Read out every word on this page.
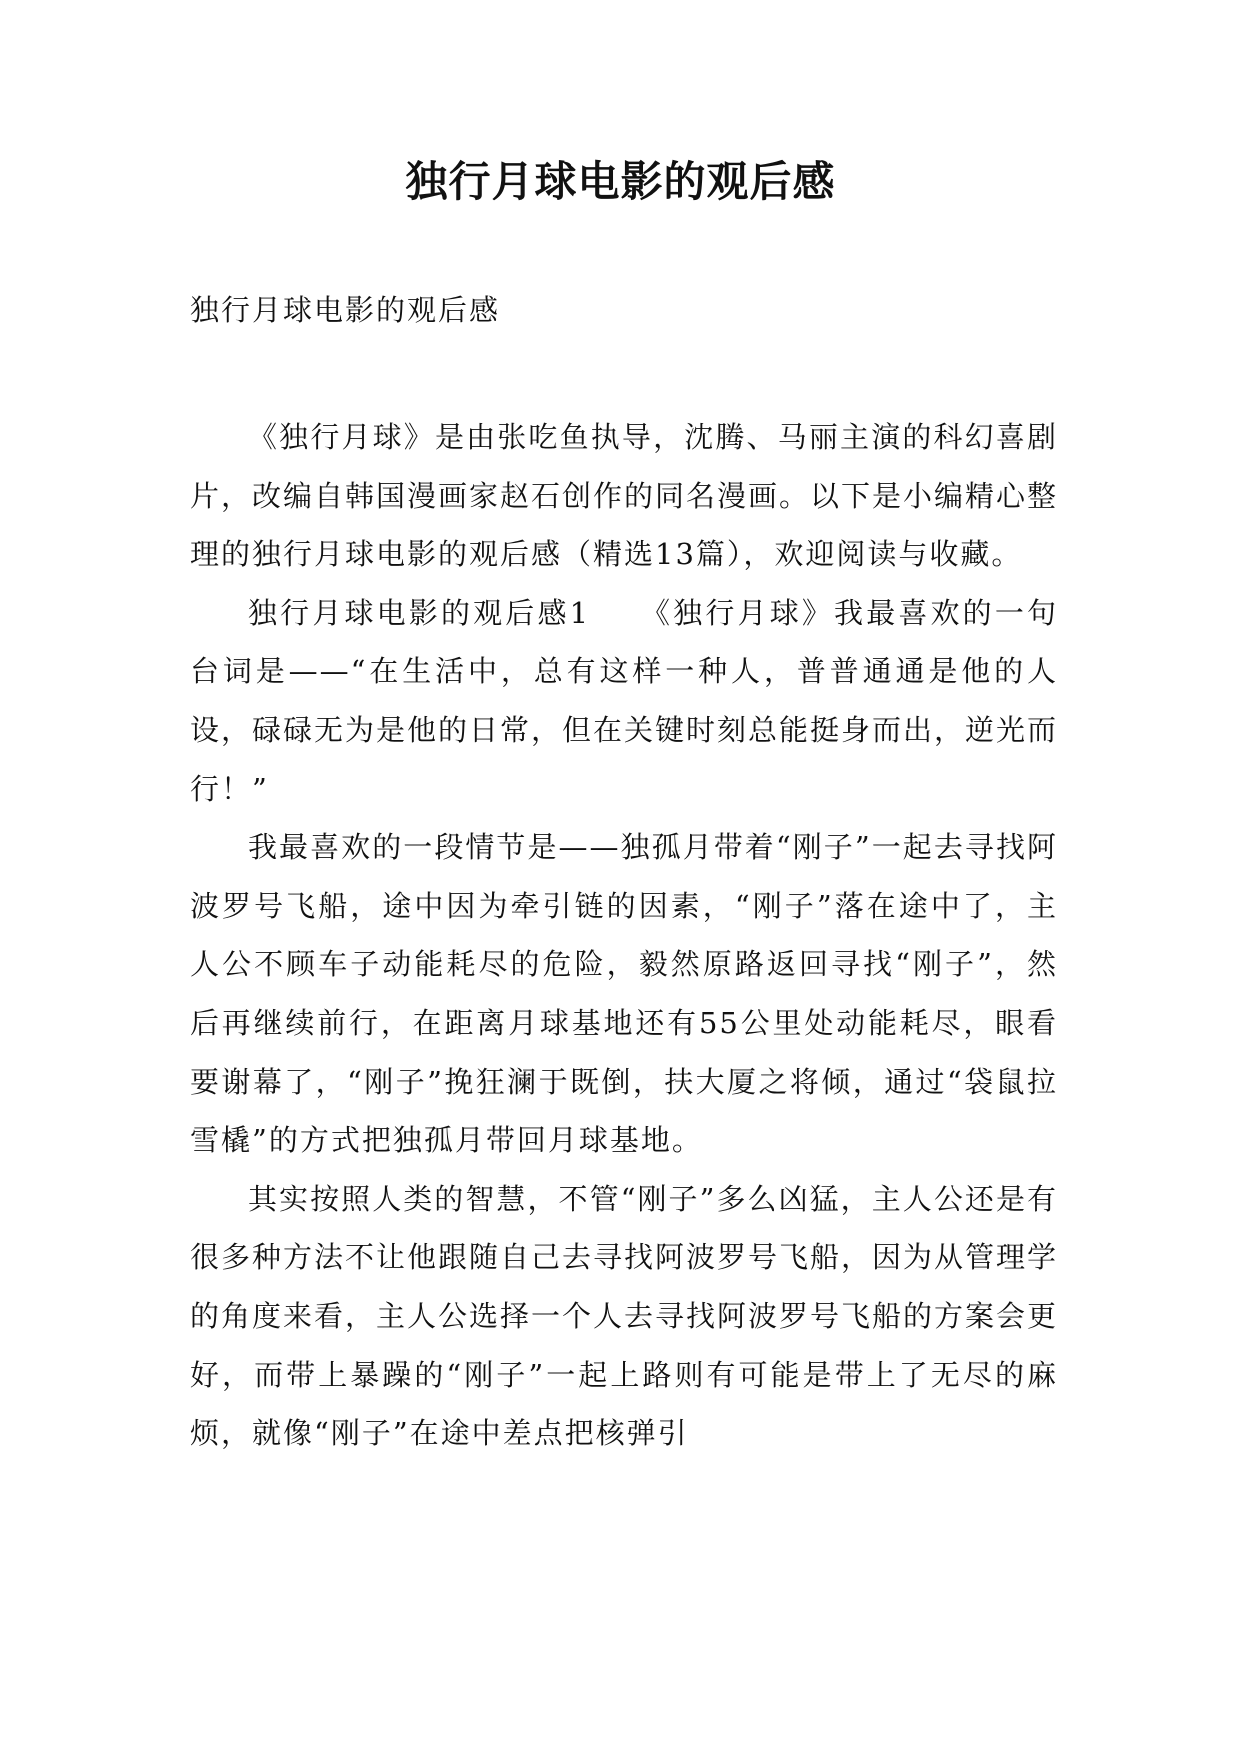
独行月球电影的观后感

独行月球电影的观后感

《独行月球》是由张吃鱼执导，沈腾、马丽主演的科幻喜剧片，改编自韩国漫画家赵石创作的同名漫画。以下是小编精心整理的独行月球电影的观后感（精选13篇），欢迎阅读与收藏。

独行月球电影的观后感1　　《独行月球》我最喜欢的一句台词是——“在生活中，总有这样一种人，普普通通是他的人设，碌碌无为是他的日常，但在关键时刻总能挺身而出，逆光而行！”

我最喜欢的一段情节是——独孤月带着“刚子”一起去寻找阿波罗号飞船，途中因为牵引链的因素，“刚子”落在途中了，主人公不顾车子动能耗尽的危险，毅然原路返回寻找“刚子”，然后再继续前行，在距离月球基地还有55公里处动能耗尽，眼看要谢幕了，“刚子”挽狂澜于既倒，扶大厦之将倾，通过“袋鼠拉雪橇”的方式把独孤月带回月球基地。

其实按照人类的智慧，不管“刚子”多么凶猛，主人公还是有很多种方法不让他跟随自己去寻找阿波罗号飞船，因为从管理学的角度来看，主人公选择一个人去寻找阿波罗号飞船的方案会更好，而带上暴躁的“刚子”一起上路则有可能是带上了无尽的麻烦，就像“刚子”在途中差点把核弹引
